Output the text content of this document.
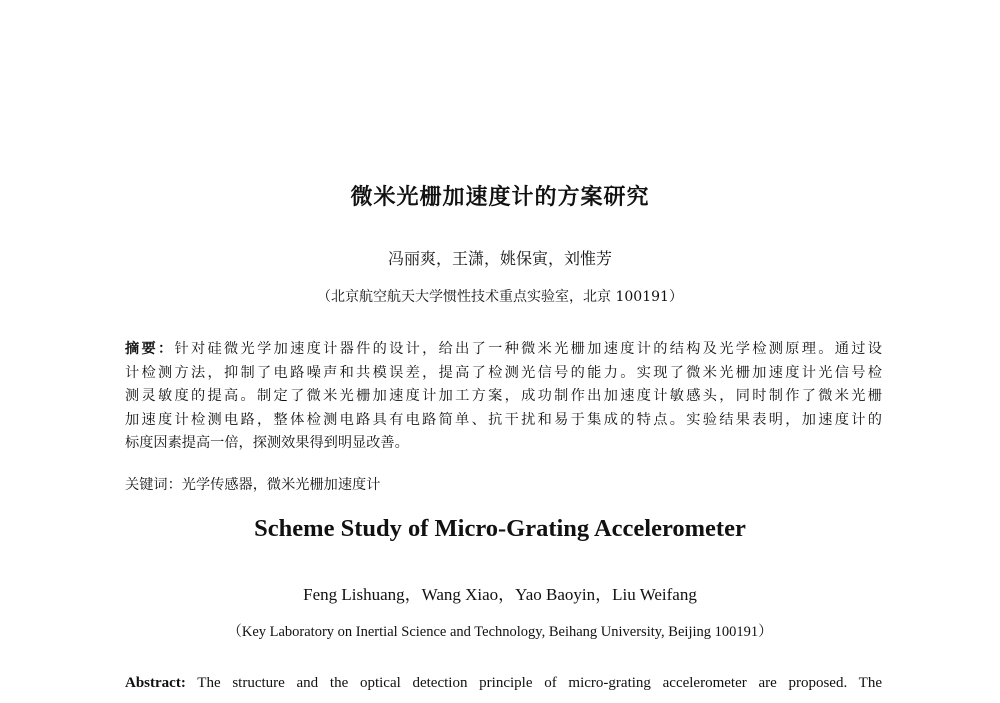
微米光栅加速度计的方案研究
冯丽爽，王潇，姚保寅，刘惟芳
（北京航空航天大学惯性技术重点实验室，北京 100191）
摘要：针对硅微光学加速度计器件的设计，给出了一种微米光栅加速度计的结构及光学检测原理。通过设
计检测方法，抑制了电路噪声和共模误差，提高了检测光信号的能力。实现了微米光栅加速度计光信号检
测灵敏度的提高。制定了微米光栅加速度计加工方案，成功制作出加速度计敏感头，同时制作了微米光栅
加速度计检测电路，整体检测电路具有电路简单、抗干扰和易于集成的特点。实验结果表明，加速度计的
标度因素提高一倍，探测效果得到明显改善。
关键词：光学传感器，微米光栅加速度计
Scheme Study of Micro-Grating Accelerometer
Feng Lishuang，Wang Xiao，Yao Baoyin，Liu Weifang
（Key Laboratory on Inertial Science and Technology, Beihang University, Beijing 100191）
Abstract: The structure and the optical detection principle of micro-grating accelerometer are proposed. The
